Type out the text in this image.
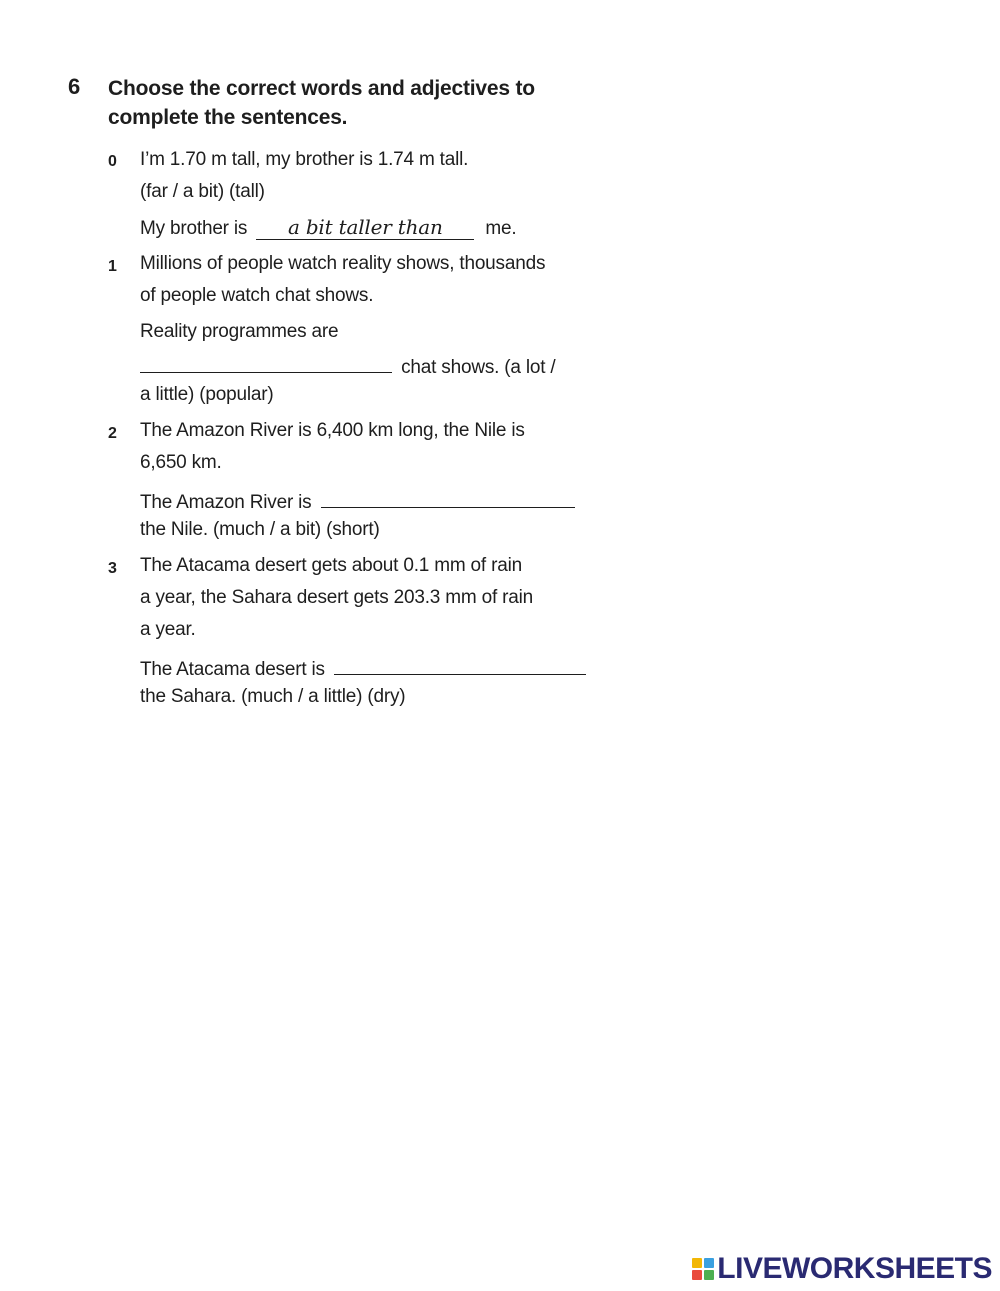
6 Choose the correct words and adjectives to complete the sentences.
0 I’m 1.70 m tall, my brother is 1.74 m tall.
(far / a bit) (tall)
My brother is a bit taller than me.
1 Millions of people watch reality shows, thousands
of people watch chat shows.
Reality programmes are
chat shows. (a lot /
a little) (popular)
2 The Amazon River is 6,400 km long, the Nile is
6,650 km.
The Amazon River is
the Nile. (much / a bit) (short)
3 The Atacama desert gets about 0.1 mm of rain
a year, the Sahara desert gets 203.3 mm of rain
a year.
The Atacama desert is
the Sahara. (much / a little) (dry)
LIVEWORKSHEETS
